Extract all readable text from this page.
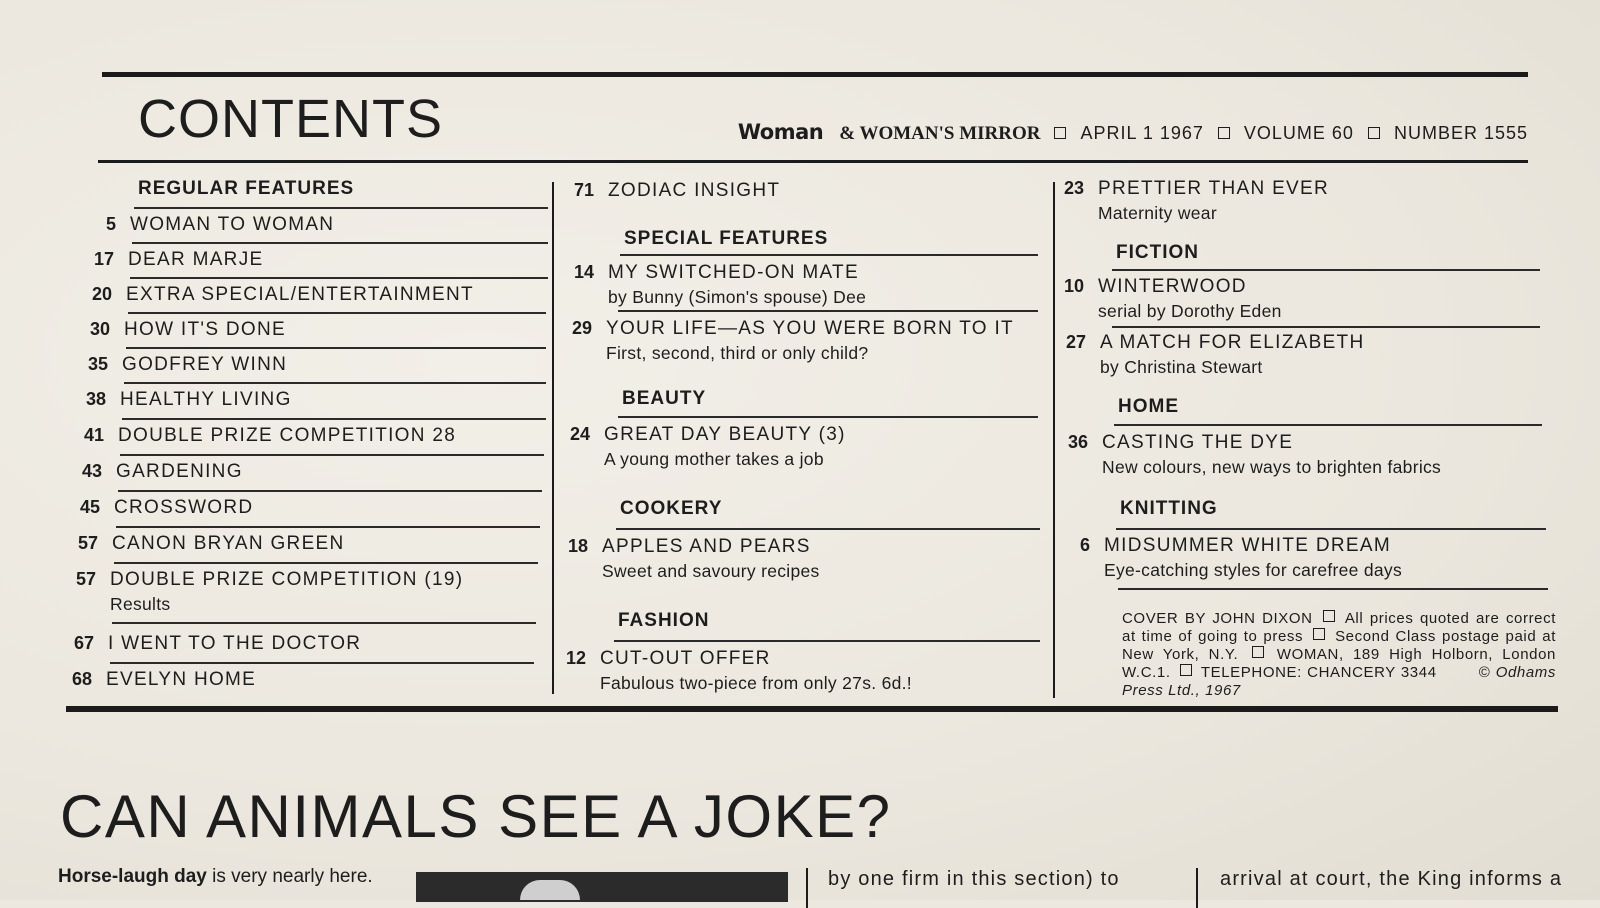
CONTENTS	Woman & WOMAN'S MIRROR APRIL 1 1967 VOLUME 60 NUMBER 1555
REGULAR FEATURES
5 WOMAN TO WOMAN
17 DEAR MARJE
20 EXTRA SPECIAL/ENTERTAINMENT
30 HOW IT'S DONE
35 GODFREY WINN
38 HEALTHY LIVING
41 DOUBLE PRIZE COMPETITION 28
43 GARDENING
45 CROSSWORD
57 CANON BRYAN GREEN
57 DOUBLE PRIZE COMPETITION (19)
Results
67 I WENT TO THE DOCTOR
68 EVELYN HOME
71 ZODIAC INSIGHT
SPECIAL FEATURES
14 MY SWITCHED-ON MATE
by Bunny (Simon's spouse) Dee
29 YOUR LIFE—AS YOU WERE BORN TO IT
First, second, third or only child?
BEAUTY
24 GREAT DAY BEAUTY (3)
A young mother takes a job
COOKERY
18 APPLES AND PEARS
Sweet and savoury recipes
FASHION
12 CUT-OUT OFFER
Fabulous two-piece from only 27s. 6d.!
23 PRETTIER THAN EVER
Maternity wear
FICTION
10 WINTERWOOD
serial by Dorothy Eden
27 A MATCH FOR ELIZABETH
by Christina Stewart
HOME
36 CASTING THE DYE
New colours, new ways to brighten fabrics
KNITTING
6 MIDSUMMER WHITE DREAM
Eye-catching styles for carefree days
COVER BY JOHN DIXON All prices quoted are correct at time of going to press Second Class postage paid at New York, N.Y.	WOMAN, 189 High Holborn, London W.C.1. TELEPHONE: CHANCERY 3344	© Odhams Press Ltd., 1967
CAN ANIMALS SEE A JOKE?
Horse-laugh day is very nearly here.	by one firm in this section) to	arrival at court, the King informs a
